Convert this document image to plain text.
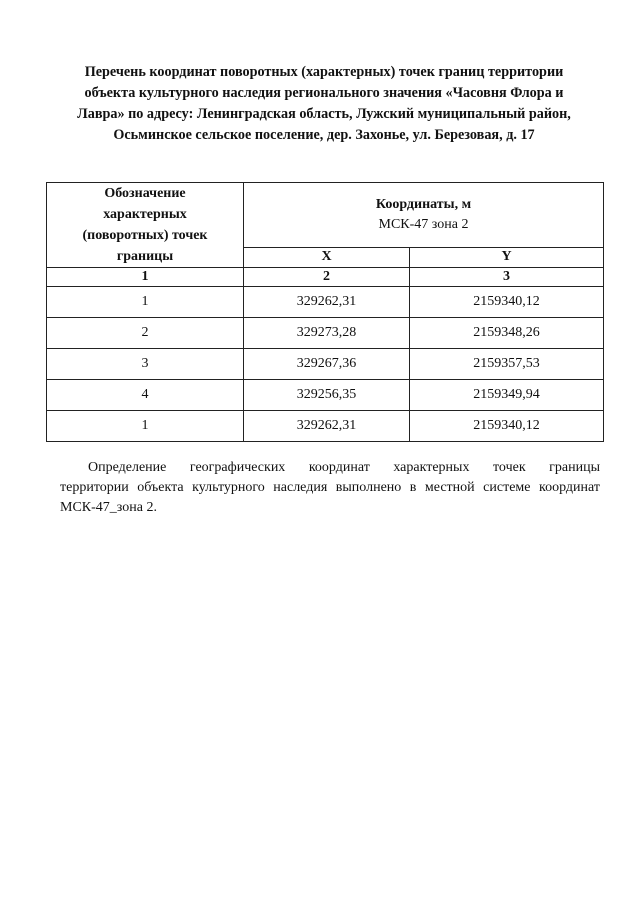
Перечень координат поворотных (характерных) точек границ территории
объекта культурного наследия регионального значения «Часовня Флора и
Лавра» по адресу: Ленинградская область, Лужский муниципальный район,
Осьминское сельское поселение, дер. Захонье, ул. Березовая, д. 17
Обозначение
характерных
(поворотных) точек
границы	Координаты, м
МСК-47 зона 2	

	X	Y
1	2	3
1	329262,31	2159340,12
2	329273,28	2159348,26
3	329267,36	2159357,53
4	329256,35	2159349,94
1	329262,31	2159340,12
Определение географических координат характерных точек границы
территории объекта культурного наследия выполнено в местной системе координат
МСК-47_зона 2.
